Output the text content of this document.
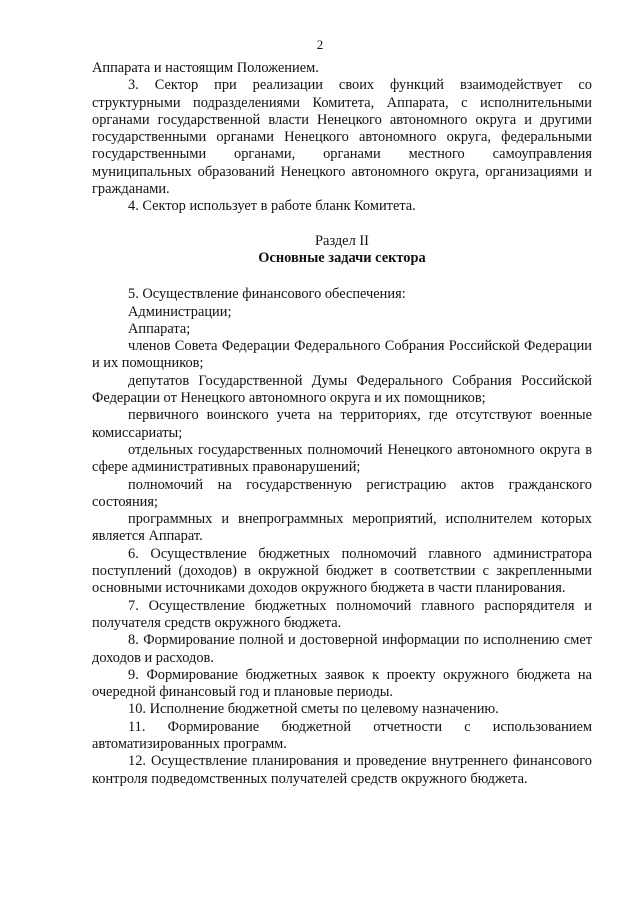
2

Аппарата и настоящим Положением.

3. Сектор при реализации своих функций взаимодействует со структурными подразделениями Комитета, Аппарата, с исполнительными органами государственной власти Ненецкого автономного округа и другими государственными органами Ненецкого автономного округа, федеральными государственными органами, органами местного самоуправления муниципальных образований Ненецкого автономного округа, организациями и гражданами.

4. Сектор использует в работе бланк Комитета.

Раздел II

Основные задачи сектора

5. Осуществление финансового обеспечения:

Администрации;

Аппарата;

членов Совета Федерации Федерального Собрания Российской Федерации и их помощников;

депутатов Государственной Думы Федерального Собрания Российской Федерации от Ненецкого автономного округа и их помощников;

первичного воинского учета на территориях, где отсутствуют военные комиссариаты;

отдельных государственных полномочий Ненецкого автономного округа в сфере административных правонарушений;

полномочий на государственную регистрацию актов гражданского состояния;

программных и внепрограммных мероприятий, исполнителем которых является Аппарат.

6. Осуществление бюджетных полномочий главного администратора поступлений (доходов) в окружной бюджет в соответствии с закрепленными основными источниками доходов окружного бюджета в части планирования.

7. Осуществление бюджетных полномочий главного распорядителя и получателя средств окружного бюджета.

8. Формирование полной и достоверной информации по исполнению смет доходов и расходов.

9. Формирование бюджетных заявок к проекту окружного бюджета на очередной финансовый год и плановые периоды.

10. Исполнение бюджетной сметы по целевому назначению.

11. Формирование бюджетной отчетности с использованием автоматизированных программ.

12. Осуществление планирования и проведение внутреннего финансового контроля подведомственных получателей средств окружного бюджета.
